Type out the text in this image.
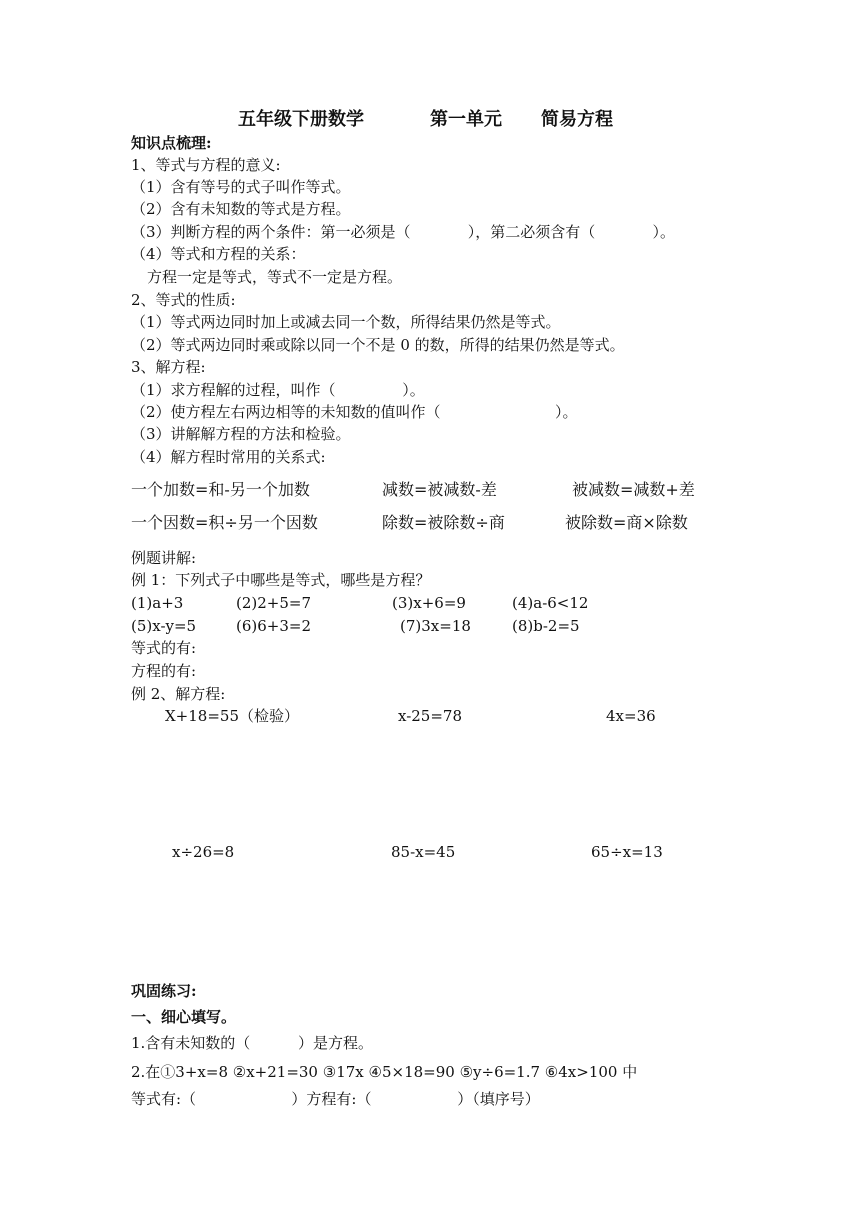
五年级下册数学	第一单元 简易方程
知识点梳理:
1、等式与方程的意义:
（1）含有等号的式子叫作等式。
（2）含有未知数的等式是方程。
（3）判断方程的两个条件：第一必须是（            ），第二必须含有（            ）。
（4）等式和方程的关系：
方程一定是等式，等式不一定是方程。
2、等式的性质:
（1）等式两边同时加上或减去同一个数，所得结果仍然是等式。
（2）等式两边同时乘或除以同一个不是 0 的数，所得的结果仍然是等式。
3、解方程:
（1）求方程解的过程，叫作（              ）。
（2）使方程左右两边相等的未知数的值叫作（                        ）。
（3）讲解解方程的方法和检验。
（4）解方程时常用的关系式:
一个加数=和-另一个加数	减数=被减数-差	被减数=减数+差
一个因数=积÷另一个因数	除数=被除数÷商	被除数=商×除数
例题讲解:
例 1：下列式子中哪些是等式，哪些是方程？
(1)a+3	(2)2+5=7	(3)x+6=9	(4)a-6<12
(5)x-y=5	(6)6+3=2	(7)3x=18	(8)b-2=5
等式的有:
方程的有:
例 2、解方程:
X+18=55（检验）	x-25=78	4x=36
x÷26=8	85-x=45	65÷x=13
巩固练习:
一、细心填写。
1.含有未知数的（          ）是方程。
2.在①3+x=8 ②x+21=30 ③17x ④5×18=90 ⑤y÷6=1.7 ⑥4x>100 中
等式有:（                    ）方程有:（                  ）（填序号）
